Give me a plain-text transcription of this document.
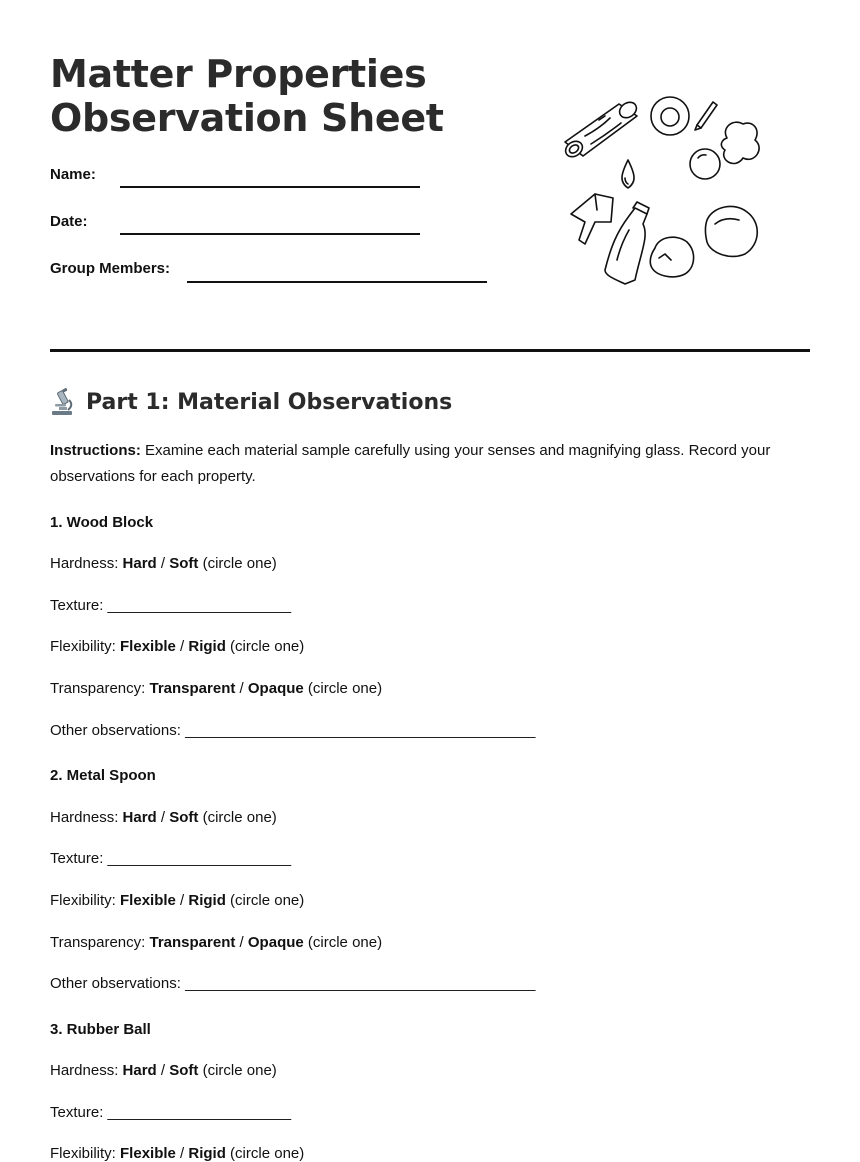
Matter Properties
Observation Sheet
Name:
Date:
Group Members:
Part 1: Material Observations

Instructions: Examine each material sample carefully using your senses and magnifying glass. Record your observations for each property.

1. Wood Block

Hardness: Hard / Soft (circle one)

Texture: ______________________

Flexibility: Flexible / Rigid (circle one)

Transparency: Transparent / Opaque (circle one)

Other observations: __________________________________________

2. Metal Spoon

Hardness: Hard / Soft (circle one)

Texture: ______________________

Flexibility: Flexible / Rigid (circle one)

Transparency: Transparent / Opaque (circle one)

Other observations: __________________________________________

3. Rubber Ball

Hardness: Hard / Soft (circle one)

Texture: ______________________

Flexibility: Flexible / Rigid (circle one)
